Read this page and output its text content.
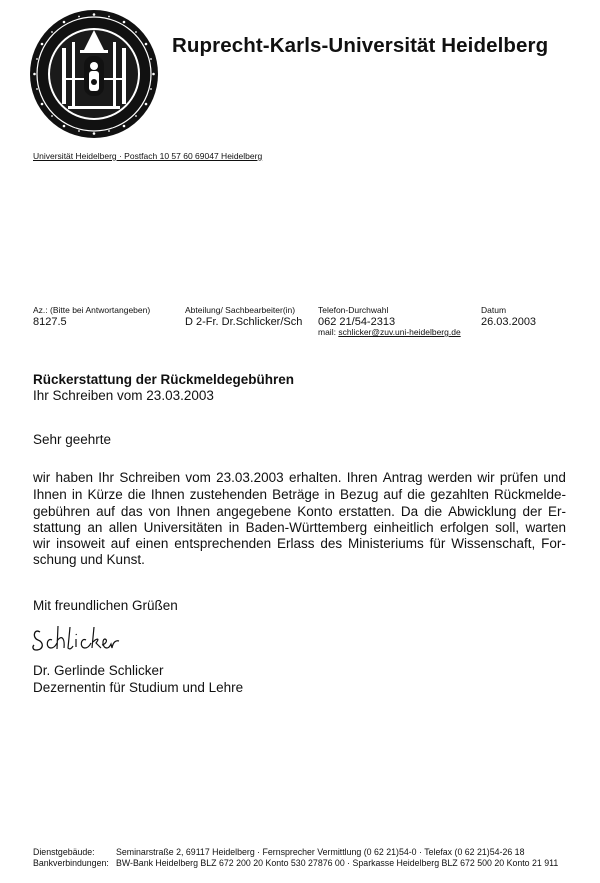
Ruprecht-Karls-Universität Heidelberg
Universität Heidelberg · Postfach 10 57 60 69047 Heidelberg
Az.: (Bitte bei Antwortangeben)
8127.5
Abteilung/ Sachbearbeiter(in)
D 2-Fr. Dr.Schlicker/Sch
Telefon-Durchwahl
062 21/54-2313
mail: schlicker@zuv.uni-heidelberg.de
Datum
26.03.2003
Rückerstattung der Rückmeldegebühren
Ihr Schreiben vom 23.03.2003
Sehr geehrte
wir haben Ihr Schreiben vom 23.03.2003 erhalten. Ihren Antrag werden wir prüfen und
Ihnen in Kürze die Ihnen zustehenden Beträge in Bezug auf die gezahlten Rückmelde-
gebühren auf das von Ihnen angegebene Konto erstatten. Da die Abwicklung der Er-
stattung an allen Universitäten in Baden-Württemberg einheitlich erfolgen soll, warten
wir insoweit auf einen entsprechenden Erlass des Ministeriums für Wissenschaft, For-
schung und Kunst.
Mit freundlichen Grüßen
Dr. Gerlinde Schlicker
Dezernentin für Studium und Lehre
Dienstgebäude: Seminarstraße 2, 69117 Heidelberg · Fernsprecher Vermittlung (0 62 21)54-0 · Telefax (0 62 21)54-26 18
Bankverbindungen: BW-Bank Heidelberg BLZ 672 200 20 Konto 530 27876 00 · Sparkasse Heidelberg BLZ 672 500 20 Konto 21 911
